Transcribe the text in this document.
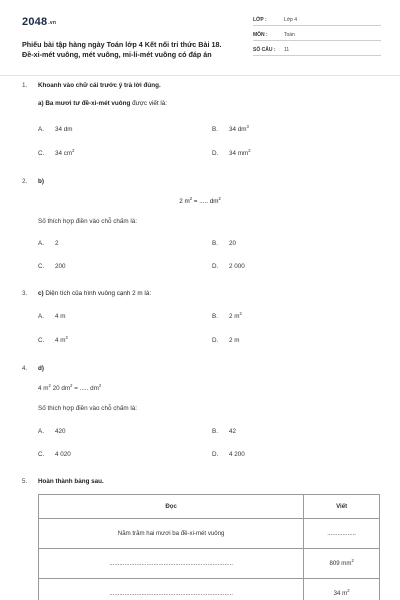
2048.vn
Phiếu bài tập hàng ngày Toán lớp 4 Kết nối tri thức Bài 18.
Đề-xi-mét vuông, mét vuông, mi-li-mét vuông có đáp án
LỚP :	Lớp 4
MÔN :	Toán
SỐ CÂU : 11
1. Khoanh vào chữ cái trước ý trả lời đúng.
a) Ba mươi tư đề-xi-mét vuông được viết là:
A. 34 dm	B. 34 $dm^3$
C. 34 $cm^2$	D. 34 $mm^2$
2. b)
2 $m^2$ = ..... $dm^2$
Số thích hợp điền vào chỗ chấm là:
A. 2	B. 20
C. 200	D. 2 000
3. c) Diện tích của hình vuông cạnh 2 m là:
A. 4 m	B. 2 $m^2$
C. 4 $m^2$	D. 2 m
4. d)
4 $m^2$ 20 $dm^2$ = ..... $dm^2$
Số thích hợp điền vào chỗ chấm là:
A. 420	B. 42
C. 4 020	D. 4 200
5. Hoàn thành bảng sau.
Đọc	Viết
Năm trăm hai mươi ba đề-xi-mét vuông	.................
.........................................................................	809 $mm^2$
.........................................................................	34 $m^2$
